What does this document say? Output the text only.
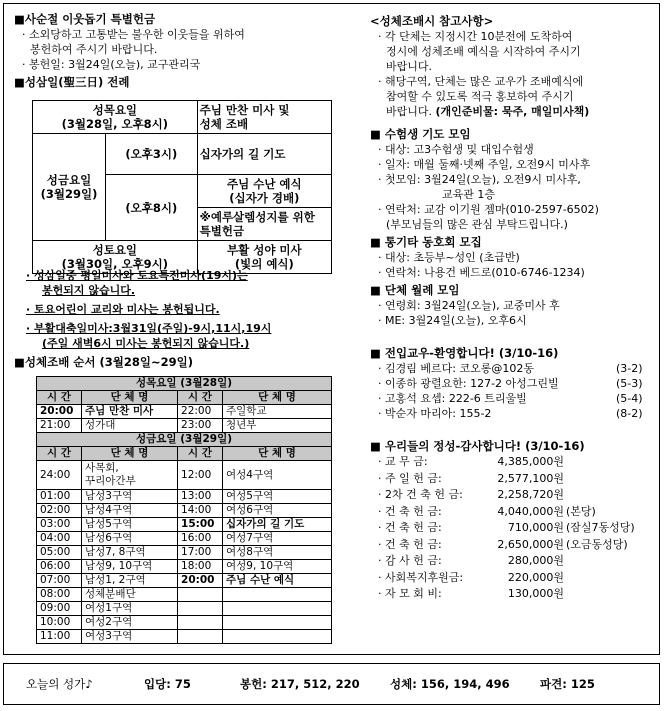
■사순절 이웃돕기 특별헌금
· 소외당하고 고통받는 불우한 이웃들을 위하여
봉헌하여 주시기 바랍니다.
· 봉헌일: 3월24일(오늘), 교구관리국
■성삼일(聖三日) 전례
성목요일
(3월28일, 오후8시)		주님 만찬 미사 및
성체 조배
성금요일
(3월29일)	(오후3시)	십자가의 길 기도
	(오후8시)	주님 수난 예식
(십자가 경배)
		※예루살렘성지를 위한
특별헌금
성토요일
(3월30일, 오후9시)		부활 성야 미사
(빛의 예식)
· 성삼일중 평일미사와 토요특전미사(19시)는
봉헌되지 않습니다.
· 토요어린이 교리와 미사는 봉헌됩니다.
· 부활대축일미사:3월31일(주일)-9시,11시,19시
(주일 새벽6시 미사는 봉헌되지 않습니다.)
■성체조배 순서 (3월28일~29일)
성목요일 (3월28일)			
시 간	단 체 명	시 간	단 체 명
20:00	주님 만찬 미사	22:00	주일학교
21:00	성가대	23:00	청년부
성금요일 (3월29일)			
시 간	단 체 명	시 간	단 체 명
24:00	사목회,
꾸리아간부	12:00	여성4구역
01:00	남성3구역	13:00	여성5구역
02:00	남성4구역	14:00	여성6구역
03:00	남성5구역	15:00	십자가의 길 기도
04:00	남성6구역	16:00	여성7구역
05:00	남성7, 8구역	17:00	여성8구역
06:00	남성9, 10구역	18:00	여성9, 10구역
07:00	남성1, 2구역	20:00	주님 수난 예식
08:00	성체분배단		
09:00	여성1구역		
10:00	여성2구역		
11:00	여성3구역		
<성체조배시 참고사항>
· 각 단체는 지정시간 10분전에 도착하여
정시에 성체조배 예식을 시작하여 주시기
바랍니다.
· 해당구역, 단체는 많은 교우가 조배예식에
참여할 수 있도록 적극 홍보하여 주시기
바랍니다. (개인준비물: 묵주, 매일미사책)
■ 수험생 기도 모임
· 대상: 고3수험생 및 대입수험생
· 일자: 매월 둘째·넷째 주일, 오전9시 미사후
· 첫모임: 3월24일(오늘), 오전9시 미사후,
교육관 1층
· 연락처: 교감 이기원 젬마(010-2597-6502)
(부모님들의 많은 관심 부탁드립니다.)
■ 통기타 동호회 모집
· 대상: 초등부~성인 (초급반)
· 연락처: 나용건 베드로(010-6746-1234)
■ 단체 월례 모임
· 연령회: 3월24일(오늘), 교중미사 후
· ME: 3월24일(오늘), 오후6시
■ 전입교우-환영합니다! (3/10-16)
· 김경림 베르다: 코오롱@102동	(3-2)
· 이종하 광렬요한: 127-2 아성그린빌	(5-3)
· 고홍석 요셉: 222-6 트리울빌	(5-4)
· 박순자 마리아: 155-2	(8-2)
■ 우리들의 정성-감사합니다! (3/10-16)
· 교 무 금:	4,385,000원
· 주 일 헌 금:	2,577,100원
· 2차 건 축 헌 금:	2,258,720원
· 건 축 헌 금:	4,040,000원 (본당)
· 건 축 헌 금:	710,000원 (잠실7동성당)
· 건 축 헌 금:	2,650,000원 (오금동성당)
· 감 사 헌 금:	280,000원
· 사회복지후원금:	220,000원
· 자 모 회 비:	130,000원
오늘의 성가♪	입당: 75	봉헌: 217, 512, 220	성체: 156, 194, 496	파견: 125
